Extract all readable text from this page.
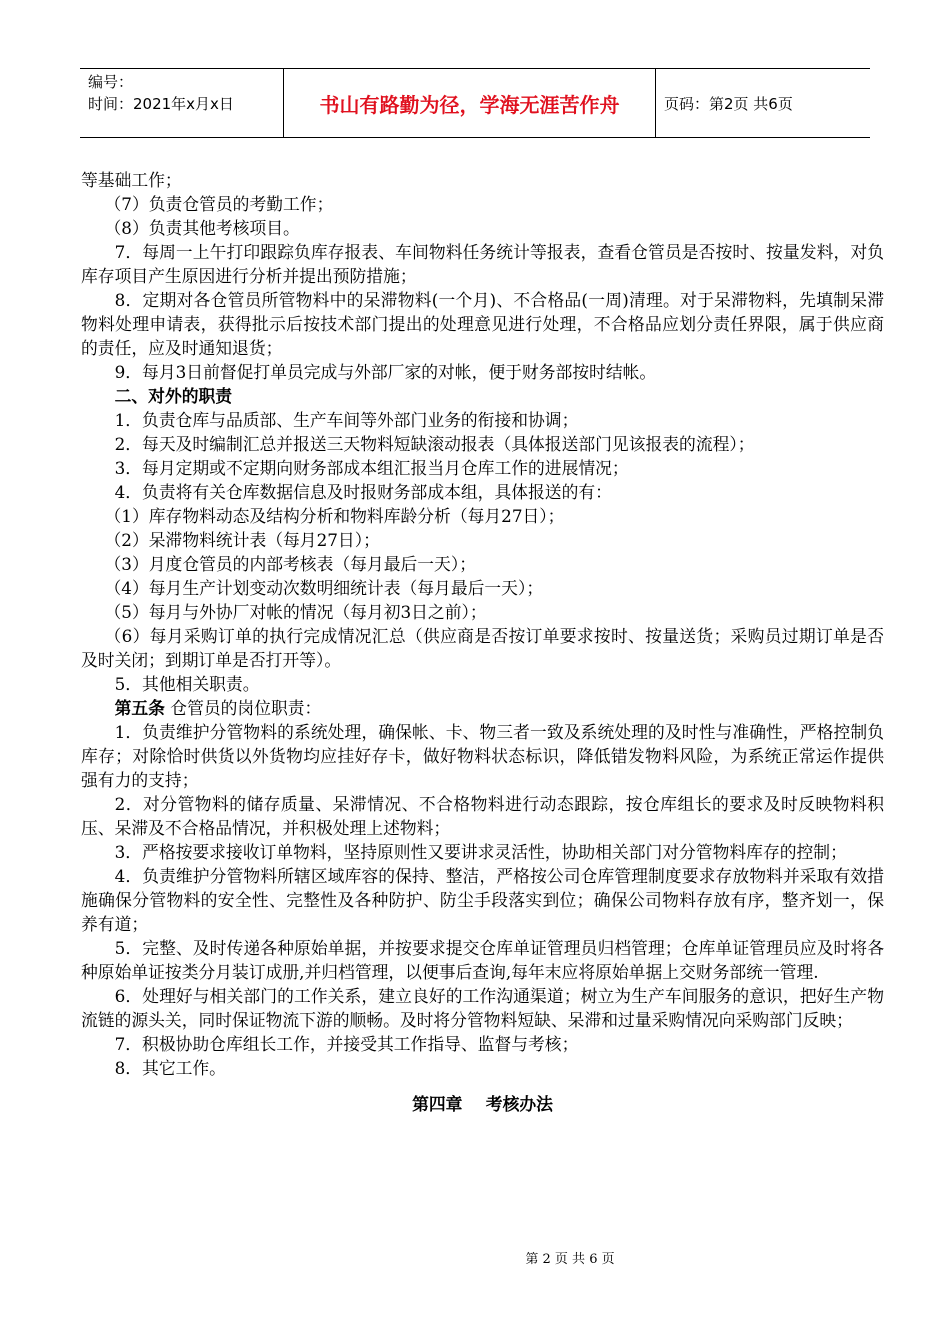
编号：
时间：2021年x月x日	书山有路勤为径，学海无涯苦作舟	页码：第2页 共6页

等基础工作；

（7）负责仓管员的考勤工作；

（8）负责其他考核项目。

7．每周一上午打印跟踪负库存报表、车间物料任务统计等报表，查看仓管员是否按时、按量发料，对负库存项目产生原因进行分析并提出预防措施；

8．定期对各仓管员所管物料中的呆滞物料(一个月)、不合格品(一周)清理。对于呆滞物料，先填制呆滞物料处理申请表，获得批示后按技术部门提出的处理意见进行处理，不合格品应划分责任界限，属于供应商的责任，应及时通知退货；

9．每月3日前督促打单员完成与外部厂家的对帐，便于财务部按时结帐。

二、对外的职责

1．负责仓库与品质部、生产车间等外部门业务的衔接和协调；

2．每天及时编制汇总并报送三天物料短缺滚动报表（具体报送部门见该报表的流程）；

3．每月定期或不定期向财务部成本组汇报当月仓库工作的进展情况；

4．负责将有关仓库数据信息及时报财务部成本组，具体报送的有：

（1）库存物料动态及结构分析和物料库龄分析（每月27日）；

（2）呆滞物料统计表（每月27日）；

（3）月度仓管员的内部考核表（每月最后一天）；

（4）每月生产计划变动次数明细统计表（每月最后一天）；

（5）每月与外协厂对帐的情况（每月初3日之前）；

（6）每月采购订单的执行完成情况汇总（供应商是否按订单要求按时、按量送货；采购员过期订单是否及时关闭；到期订单是否打开等）。

5．其他相关职责。

第五条 仓管员的岗位职责：

1．负责维护分管物料的系统处理，确保帐、卡、物三者一致及系统处理的及时性与准确性，严格控制负库存；对除恰时供货以外货物均应挂好存卡，做好物料状态标识，降低错发物料风险，为系统正常运作提供强有力的支持；

2．对分管物料的储存质量、呆滞情况、不合格物料进行动态跟踪，按仓库组长的要求及时反映物料积压、呆滞及不合格品情况，并积极处理上述物料；

3．严格按要求接收订单物料，坚持原则性又要讲求灵活性，协助相关部门对分管物料库存的控制；

4．负责维护分管物料所辖区域库容的保持、整洁，严格按公司仓库管理制度要求存放物料并采取有效措施确保分管物料的安全性、完整性及各种防护、防尘手段落实到位；确保公司物料存放有序，整齐划一，保养有道；

5．完整、及时传递各种原始单据，并按要求提交仓库单证管理员归档管理；仓库单证管理员应及时将各种原始单证按类分月装订成册,并归档管理，以便事后查询,每年末应将原始单据上交财务部统一管理.

6．处理好与相关部门的工作关系，建立良好的工作沟通渠道；树立为生产车间服务的意识，把好生产物流链的源头关，同时保证物流下游的顺畅。及时将分管物料短缺、呆滞和过量采购情况向采购部门反映；

7．积极协助仓库组长工作，并接受其工作指导、监督与考核；

8．其它工作。

第四章    考核办法
第 2 页 共 6 页
